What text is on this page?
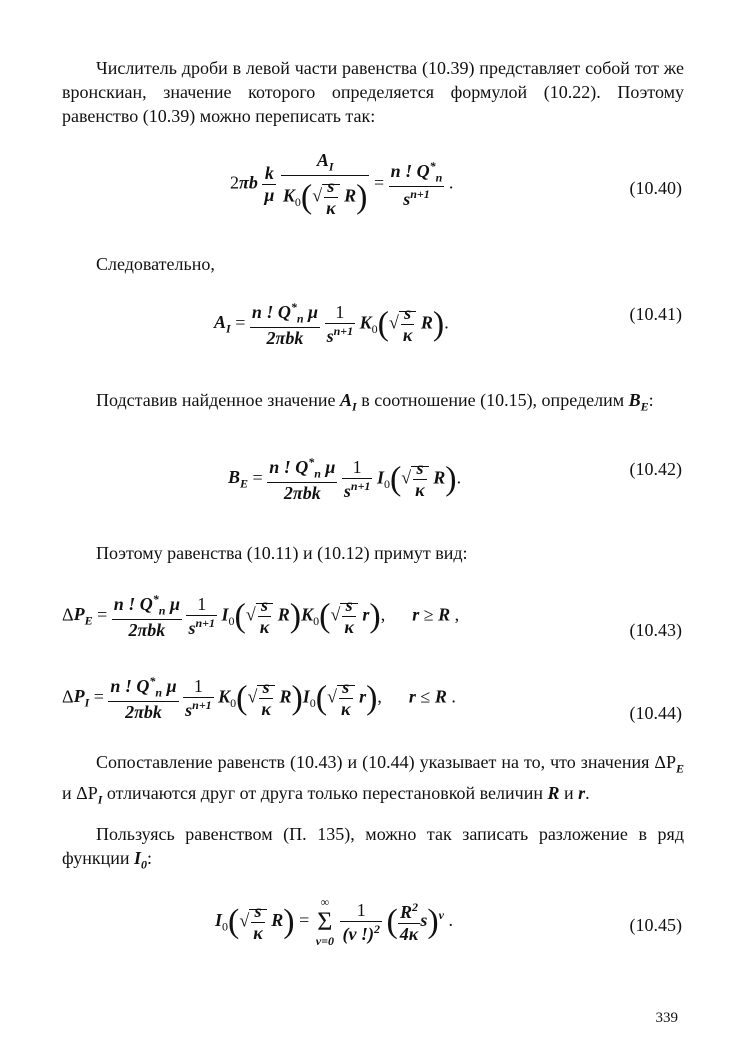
Числитель дроби в левой части равенства (10.39) представляет собой тот же вронскиан, значение которого определяется формулой (10.22). Поэтому равенство (10.39) можно переписать так:
$2\pi b \frac{k}{\mu}$
$\frac{A_I}{K_0(√ \frac{s}{\kappa} R)} = \frac{n ! Q^*_n}{s^{n+1}}$ .	(10.40)
Следовательно,
$A_I = \frac{n ! Q^*_n \mu}{\text{2πbk}}$
$\frac{1}{s^{n+1}} K_0(√ \frac{s}{\kappa} R)$.	(10.41)
Подставив найденное значение $A_I$ в соотношение (10.15), определим $B_E$:
$B_E = \frac{n ! Q^*_n \mu}{\text{2πbk}}$
$\frac{1}{s^{n+1}} I_0(√ \frac{s}{\kappa} R)$.	(10.42)
Поэтому равенства (10.11) и (10.12) примут вид:
$\Delta P_E = \frac{n ! Q^*_n \mu}{\text{2πbk}}$
$\frac{1}{s^{n+1}} I_0(√ \frac{s}{\kappa} R)K_0(√ \frac{s}{\kappa} r)$,      r ≥ R ,
(10.43)
$\Delta P_I = \frac{n ! Q^*_n \mu}{\text{2πbk}}$
$\frac{1}{s^{n+1}} K_0(√ \frac{s}{\kappa} R)I_0(√ \frac{s}{\kappa} r)$,      r ≤ R .
(10.44)
Сопоставление равенств (10.43) и (10.44) указывает на то, что значения $\Delta P_E$ и $\Delta P_I$ отличаются друг от друга только перестановкой величин R и r.
Пользуясь равенством (П. 135), можно так записать разложение в ряд функции $I_0$:
$I_0(√ \frac{s}{\kappa} R)$ =
∞
Σ
ν=0
$\frac{1}{(\nu !)^2}$ ( $\frac{R^2}{4\kappa} s)^\nu$ .	(10.45)
339
